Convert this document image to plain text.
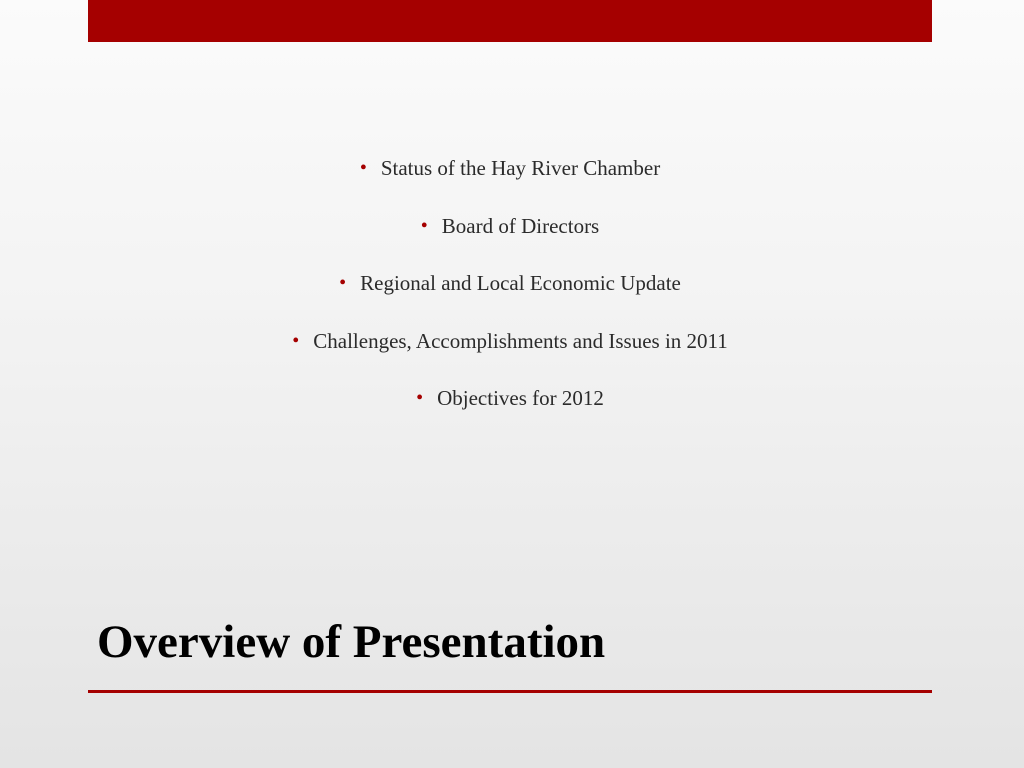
• Status of the Hay River Chamber
• Board of Directors
• Regional and Local Economic Update
• Challenges, Accomplishments and Issues in 2011
• Objectives for 2012
Overview of Presentation
